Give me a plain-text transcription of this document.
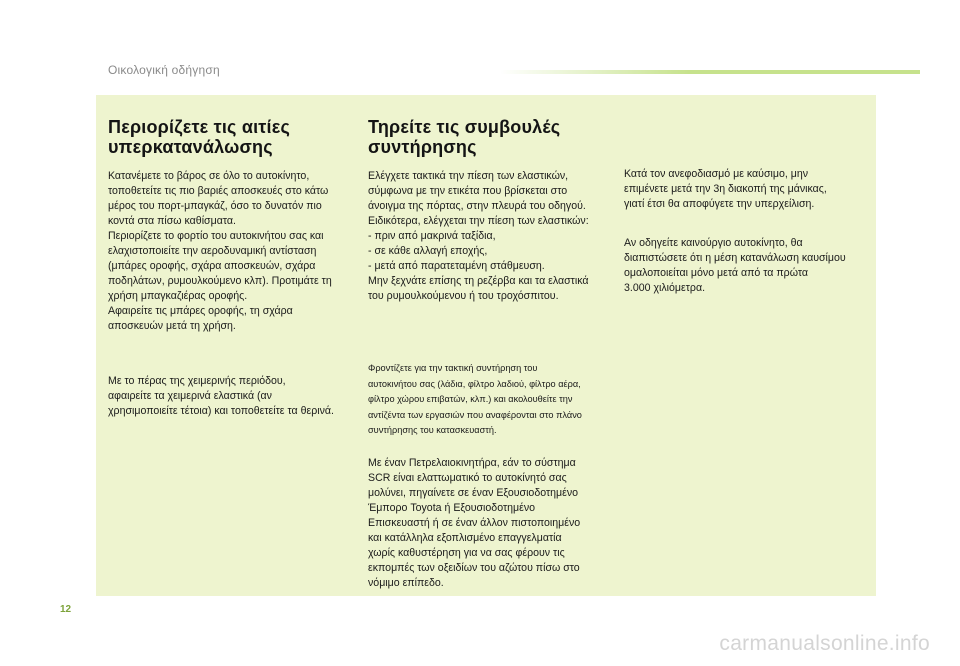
Οικολογική οδήγηση
Περιορίζετε τις αιτίες
υπερκατανάλωσης

Κατανέμετε το βάρος σε όλο το αυτοκίνητο,
τοποθετείτε τις πιο βαριές αποσκευές στο κάτω
μέρος του πορτ-μπαγκάζ, όσο το δυνατόν πιο
κοντά στα πίσω καθίσματα.
Περιορίζετε το φορτίο του αυτοκινήτου σας και
ελαχιστοποιείτε την αεροδυναμική αντίσταση
(μπάρες οροφής, σχάρα αποσκευών, σχάρα
ποδηλάτων, ρυμουλκούμενο κλπ). Προτιμάτε τη
χρήση μπαγκαζιέρας οροφής.
Αφαιρείτε τις μπάρες οροφής, τη σχάρα
αποσκευών μετά τη χρήση.

Με το πέρας της χειμερινής περιόδου,
αφαιρείτε τα χειμερινά ελαστικά (αν
χρησιμοποιείτε τέτοια) και τοποθετείτε τα θερινά.

Τηρείτε τις συμβουλές
συντήρησης

Ελέγχετε τακτικά την πίεση των ελαστικών,
σύμφωνα με την ετικέτα που βρίσκεται στο
άνοιγμα της πόρτας, στην πλευρά του οδηγού.
Ειδικότερα, ελέγχεται την πίεση των ελαστικών:
- πριν από μακρινά ταξίδια,
- σε κάθε αλλαγή εποχής,
- μετά από παρατεταμένη στάθμευση.
Μην ξεχνάτε επίσης τη ρεζέρβα και τα ελαστικά
του ρυμουλκούμενου ή του τροχόσπιτου.

Φροντίζετε για την τακτική συντήρηση του
αυτοκινήτου σας (λάδια, φίλτρο λαδιού, φίλτρο αέρα,
φίλτρο χώρου επιβατών, κλπ.) και ακολουθείτε την
αντίζέντα των εργασιών που αναφέρονται στο πλάνο
συντήρησης του κατασκευαστή.

Με έναν Πετρελαιοκινητήρα, εάν το σύστημα
SCR είναι ελαττωματικό το αυτοκίνητό σας
μολύνει, πηγαίνετε σε έναν Εξουσιοδοτημένο
Έμπορο Toyota ή Εξουσιοδοτημένο
Επισκευαστή ή σε έναν άλλον πιστοποιημένο
και κατάλληλα εξοπλισμένο επαγγελματία
χωρίς καθυστέρηση για να σας φέρουν τις
εκπομπές των οξειδίων του αζώτου πίσω στο
νόμιμο επίπεδο.

Κατά τον ανεφοδιασμό με καύσιμο, μην
επιμένετε μετά την 3η διακοπή της μάνικας,
γιατί έτσι θα αποφύγετε την υπερχείλιση.

Αν οδηγείτε καινούργιο αυτοκίνητο, θα
διαπιστώσετε ότι η μέση κατανάλωση καυσίμου
ομαλοποιείται μόνο μετά από τα πρώτα
3.000 χιλιόμετρα.

12
carmanualsonline.info
